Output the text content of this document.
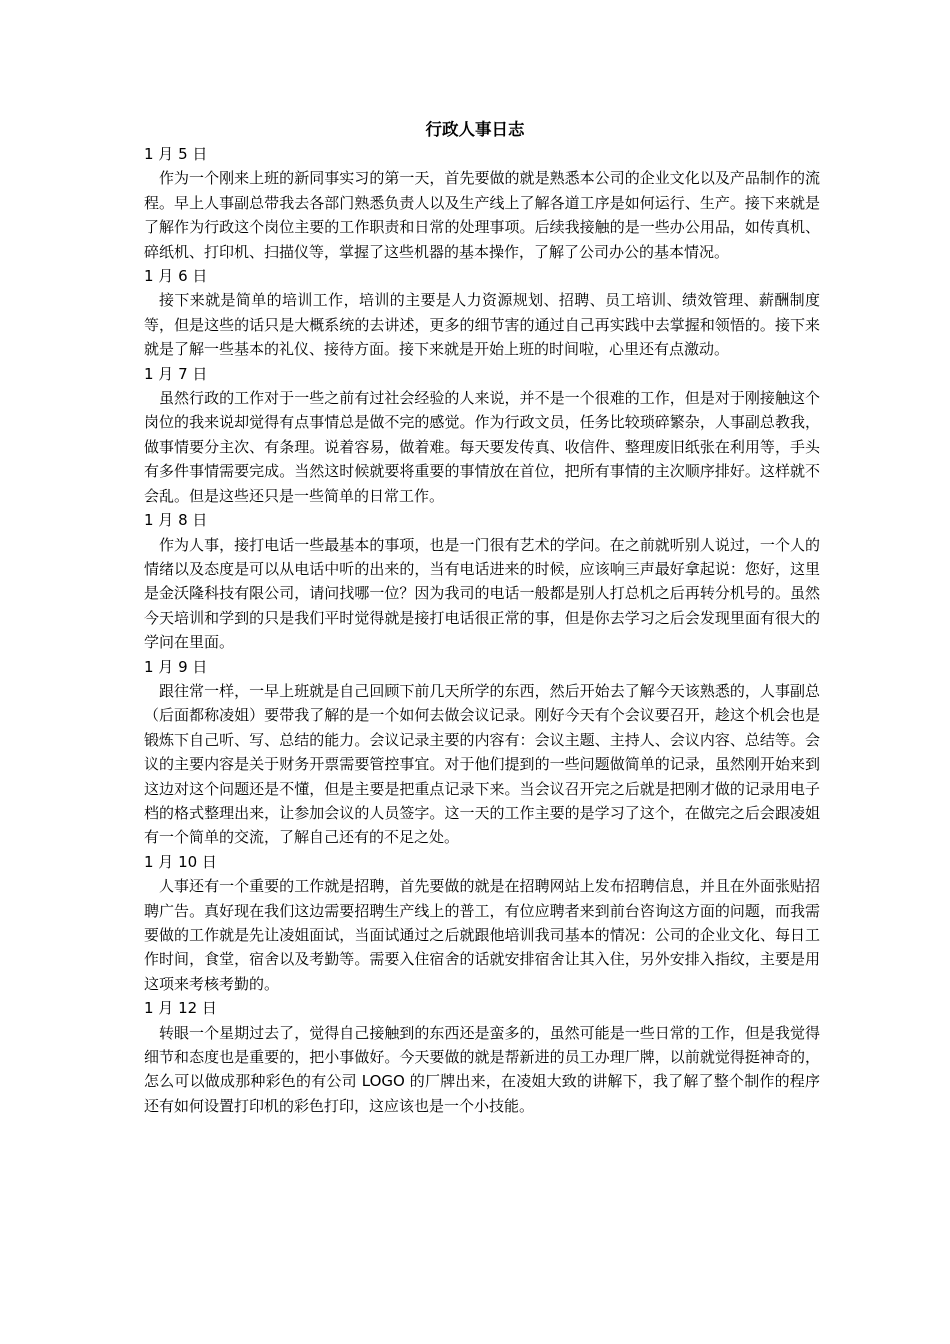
行政人事日志
1 月 5 日
作为一个刚来上班的新同事实习的第一天，首先要做的就是熟悉本公司的企业文化以及产品制作的流程。早上人事副总带我去各部门熟悉负责人以及生产线上了解各道工序是如何运行、生产。接下来就是了解作为行政这个岗位主要的工作职责和日常的处理事项。后续我接触的是一些办公用品，如传真机、碎纸机、打印机、扫描仪等，掌握了这些机器的基本操作，了解了公司办公的基本情况。
1 月 6 日
接下来就是简单的培训工作，培训的主要是人力资源规划、招聘、员工培训、绩效管理、薪酬制度等，但是这些的话只是大概系统的去讲述，更多的细节害的通过自己再实践中去掌握和领悟的。接下来就是了解一些基本的礼仪、接待方面。接下来就是开始上班的时间啦，心里还有点激动。
1 月 7 日
虽然行政的工作对于一些之前有过社会经验的人来说，并不是一个很难的工作，但是对于刚接触这个岗位的我来说却觉得有点事情总是做不完的感觉。作为行政文员，任务比较琐碎繁杂，人事副总教我，做事情要分主次、有条理。说着容易，做着难。每天要发传真、收信件、整理废旧纸张在利用等，手头有多件事情需要完成。当然这时候就要将重要的事情放在首位，把所有事情的主次顺序排好。这样就不会乱。但是这些还只是一些简单的日常工作。
1 月 8 日
作为人事，接打电话一些最基本的事项，也是一门很有艺术的学问。在之前就听别人说过，一个人的情绪以及态度是可以从电话中听的出来的，当有电话进来的时候，应该响三声最好拿起说：您好，这里是金沃隆科技有限公司，请问找哪一位？因为我司的电话一般都是别人打总机之后再转分机号的。虽然今天培训和学到的只是我们平时觉得就是接打电话很正常的事，但是你去学习之后会发现里面有很大的学问在里面。
1 月 9 日
跟往常一样，一早上班就是自己回顾下前几天所学的东西，然后开始去了解今天该熟悉的，人事副总（后面都称凌姐）要带我了解的是一个如何去做会议记录。刚好今天有个会议要召开，趁这个机会也是锻炼下自己听、写、总结的能力。会议记录主要的内容有：会议主题、主持人、会议内容、总结等。会议的主要内容是关于财务开票需要管控事宜。对于他们提到的一些问题做简单的记录，虽然刚开始来到这边对这个问题还是不懂，但是主要是把重点记录下来。当会议召开完之后就是把刚才做的记录用电子档的格式整理出来，让参加会议的人员签字。这一天的工作主要的是学习了这个，在做完之后会跟凌姐有一个简单的交流，了解自己还有的不足之处。
1 月 10 日
人事还有一个重要的工作就是招聘，首先要做的就是在招聘网站上发布招聘信息，并且在外面张贴招聘广告。真好现在我们这边需要招聘生产线上的普工，有位应聘者来到前台咨询这方面的问题，而我需要做的工作就是先让凌姐面试，当面试通过之后就跟他培训我司基本的情况：公司的企业文化、每日工作时间，食堂，宿舍以及考勤等。需要入住宿舍的话就安排宿舍让其入住，另外安排入指纹，主要是用这项来考核考勤的。
1 月 12 日
转眼一个星期过去了，觉得自己接触到的东西还是蛮多的，虽然可能是一些日常的工作，但是我觉得细节和态度也是重要的，把小事做好。今天要做的就是帮新进的员工办理厂牌，以前就觉得挺神奇的，怎么可以做成那种彩色的有公司 LOGO 的厂牌出来，在凌姐大致的讲解下，我了解了整个制作的程序还有如何设置打印机的彩色打印，这应该也是一个小技能。
